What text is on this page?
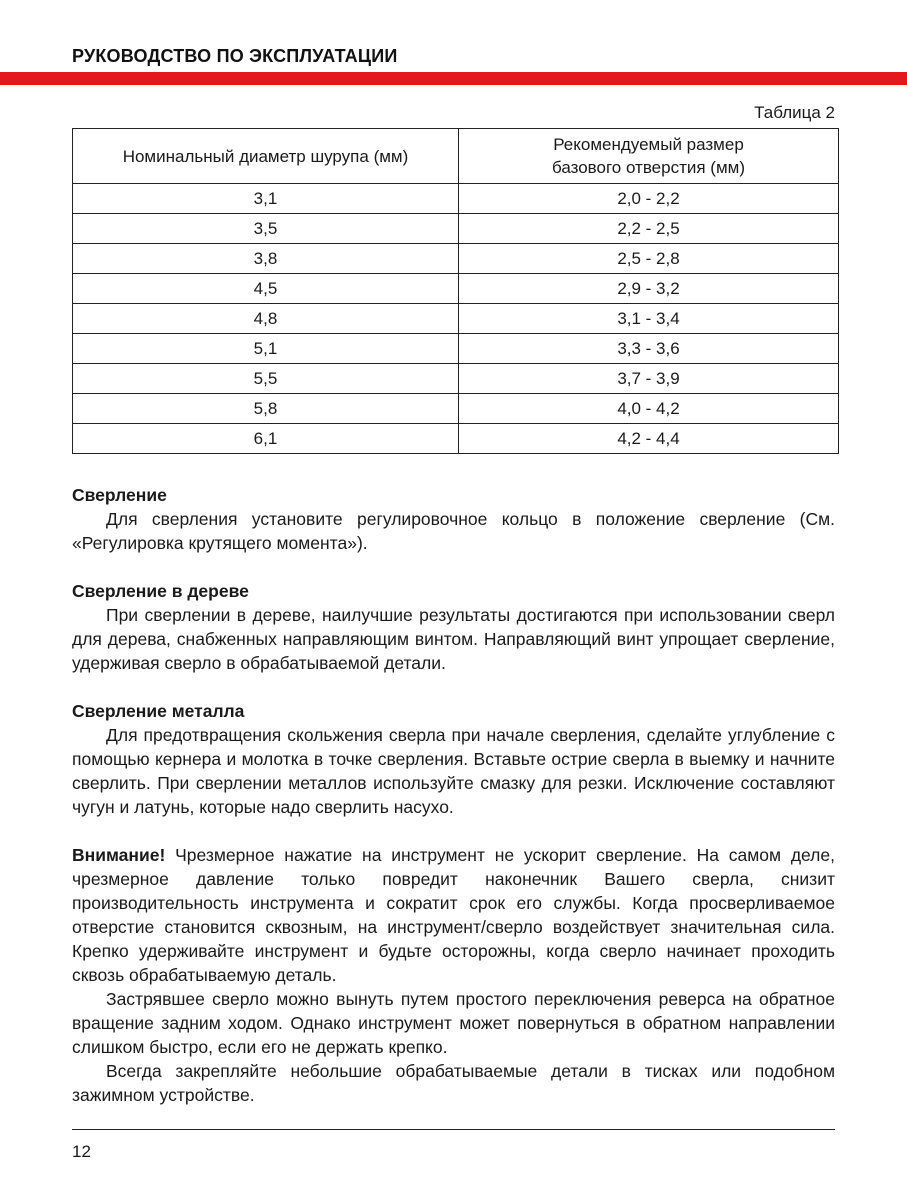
РУКОВОДСТВО ПО ЭКСПЛУАТАЦИИ
Таблица 2
Номинальный диаметр шурупа (мм)	Рекомендуемый размер базового отверстия (мм)
3,1	2,0 - 2,2
3,5	2,2 - 2,5
3,8	2,5 - 2,8
4,5	2,9 - 3,2
4,8	3,1 - 3,4
5,1	3,3 - 3,6
5,5	3,7 - 3,9
5,8	4,0 - 4,2
6,1	4,2 - 4,4
Сверление

Для сверления установите регулировочное кольцо в положение сверление (См. «Регулировка крутящего момента»).

Сверление в дереве

При сверлении в дереве, наилучшие результаты достигаются при использовании сверл для дерева, снабженных направляющим винтом. Направляющий винт упрощает сверление, удерживая сверло в обрабатываемой детали.

Сверление металла

Для предотвращения скольжения сверла при начале сверления, сделайте углубление с помощью кернера и молотка в точке сверления. Вставьте острие сверла в выемку и начните сверлить. При сверлении металлов используйте смазку для резки. Исключение составляют чугун и латунь, которые надо сверлить насухо.

Внимание! Чрезмерное нажатие на инструмент не ускорит сверление. На самом деле, чрезмерное давление только повредит наконечник Вашего сверла, снизит производительность инструмента и сократит срок его службы. Когда просверливаемое отверстие становится сквозным, на инструмент/сверло воздействует значительная сила. Крепко удерживайте инструмент и будьте осторожны, когда сверло начинает проходить сквозь обрабатываемую деталь.

Застрявшее сверло можно вынуть путем простого переключения реверса на обратное вращение задним ходом. Однако инструмент может повернуться в обратном направлении слишком быстро, если его не держать крепко.

Всегда закрепляйте небольшие обрабатываемые детали в тисках или подобном зажимном устройстве.

12
